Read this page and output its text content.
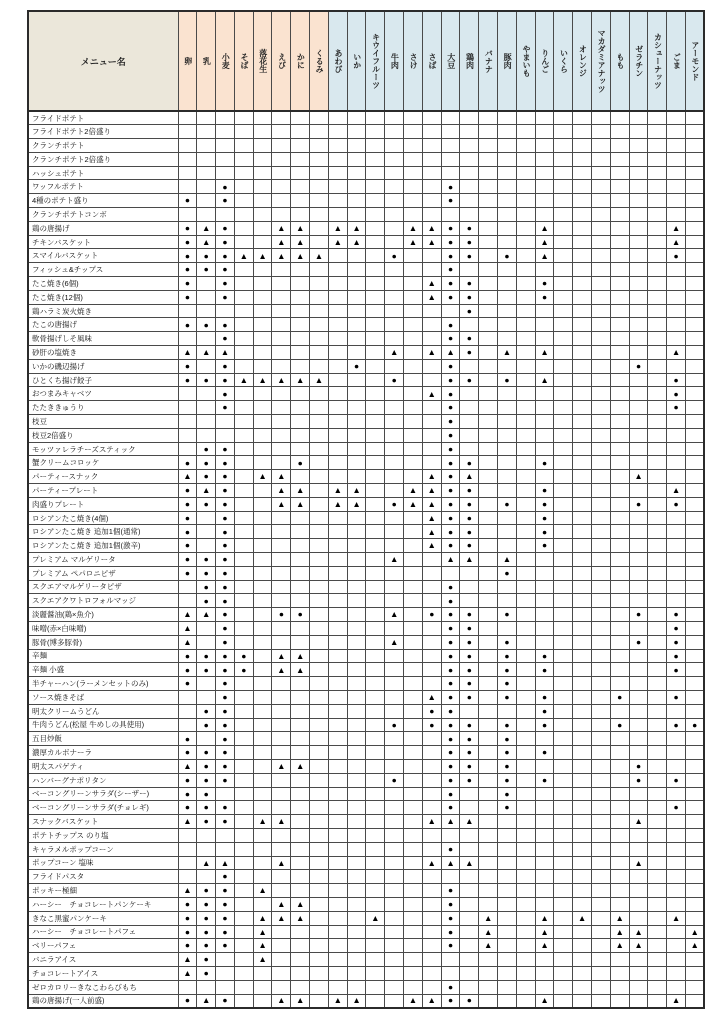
メニュー名	卵	乳	小麦	そば	落花生	えび	かに	くるみ	あわび	いか	キウイフルーツ	牛肉	さけ	さば	大豆	鶏肉	バナナ	豚肉	やまいも	りんご	いくら	オレンジ	マカダミアナッツ	もも	ゼラチン	カシューナッツ	ごま	アーモンド
フライドポテト																												
フライドポテト2倍盛り																												
クランチポテト																												
クランチポテト2倍盛り																												
ハッシュポテト																												
ワッフルポテト			●												●													
4種のポテト盛り	●		●												●													
クランチポテトコンボ																												
鶏の唐揚げ	●	▲	●			▲	▲		▲	▲			▲	▲	●	●				▲							▲	
チキンバスケット	●	▲	●			▲	▲		▲	▲			▲	▲	●	●				▲							▲	
スマイルバスケット	●	●	●	▲	▲	▲	▲	▲				●			●	●		●		▲							●	
フィッシュ&チップス	●	●	●												●													
たこ焼き(6個)	●		●											▲	●	●				●								
たこ焼き(12個)	●		●											▲	●	●				●								
鶏ハラミ炭火焼き																●												
たこの唐揚げ	●	●	●												●													
軟骨揚げしそ風味			●												●	●												
砂肝の塩焼き	▲	▲	▲									▲		▲	▲	●		▲		▲							▲	
いかの磯辺揚げ	●		●							●					●										●			
ひとくち揚げ餃子	●	●	●	▲	▲	▲	▲	▲				●			●	●		●		▲							●	
おつまみキャベツ			●											▲	●												●	
たたききゅうり			●												●												●	
枝豆															●													
枝豆2倍盛り															●													
モッツァレラチーズスティック		●	●												●													
蟹クリームコロッケ	●	●	●				●								●	●				●								
パーティースナック	▲	●	●		▲	▲								▲	●	▲									▲			
パーティープレート	●	▲	●			▲	▲		▲	▲			▲	▲	●	●				●							▲	
肉盛りプレート	●	●	●			▲	▲		▲	▲		●	▲	▲	●	●		●		●					●		●	
ロシアンたこ焼き(4個)	●		●											▲	●	●				●								
ロシアンたこ焼き 追加1個(通常)	●		●											▲	●	●				●								
ロシアンたこ焼き 追加1個(激辛)	●		●											▲	●	●				●								
プレミアム マルゲリータ	●	●	●									▲			▲	▲		▲										
プレミアム ペパロニピザ	●	●	●															●										
スクエアマルゲリータピザ		●	●												●													
スクエアクワトロフォルマッジ		●	●												●													
淡麗醤油(鶏×魚介)	▲	▲	●			●	●					▲		●	●	●		●							●		●	
味噌(赤×白味噌)	▲		●												●	●											●	
豚骨(博多豚骨)	▲		●									▲			●	●		●							●		●	
辛麺	●	●	●	●		▲	▲								●	●		●		●							●	
辛麺 小盛	●	●	●	●		▲	▲								●	●		●		●							●	
半チャーハン(ラーメンセットのみ)	●		●												●	●		●										
ソース焼きそば			●											▲	●	●		●		●				●			●	
明太クリームうどん		●	●											●	●					●								
牛肉うどん(松屋 牛めしの具使用)		●	●									●		●	●	●		●		●				●			●	●
五目炒飯	●		●												●	●		●										
濃厚カルボナーラ	●	●	●												●	●		●		●								
明太スパゲティ	▲	●	●			▲	▲								●	●		●							●			
ハンバーグナポリタン	●	●	●									●			●	●		●		●					●		●	
ベーコングリーンサラダ(シーザー)	●	●													●			●										
ベーコングリーンサラダ(チョレギ)	●	●	●												●			●									●	
スナックバスケット	▲	●	●		▲	▲								▲	▲	▲									▲			
ポテトチップス のり塩																												
キャラメルポップコーン															●													
ポップコーン 塩味		▲	▲			▲								▲	▲	▲									▲			
フライドパスタ			●																									
ポッキー極細	▲	●	●		▲										●													
ハーシー　チョコレートパンケーキ	●	●	●			▲	▲								●													
きなこ黒蜜パンケーキ	●	●	●		▲	▲	▲				▲				●		▲			▲		▲		▲			▲	
ハーシー　チョコレートパフェ	●	●	●		▲										●		▲			▲				▲	▲			▲
ベリーパフェ	●	●	●		▲										●		▲			▲				▲	▲			▲
バニラアイス	▲	●			▲																							
チョコレートアイス	▲	●																										
ゼロカロリーきなこわらびもち															●													
鶏の唐揚げ(一人前盛)	●	▲	●			▲	▲		▲	▲			▲	▲	●	●				▲							▲	
